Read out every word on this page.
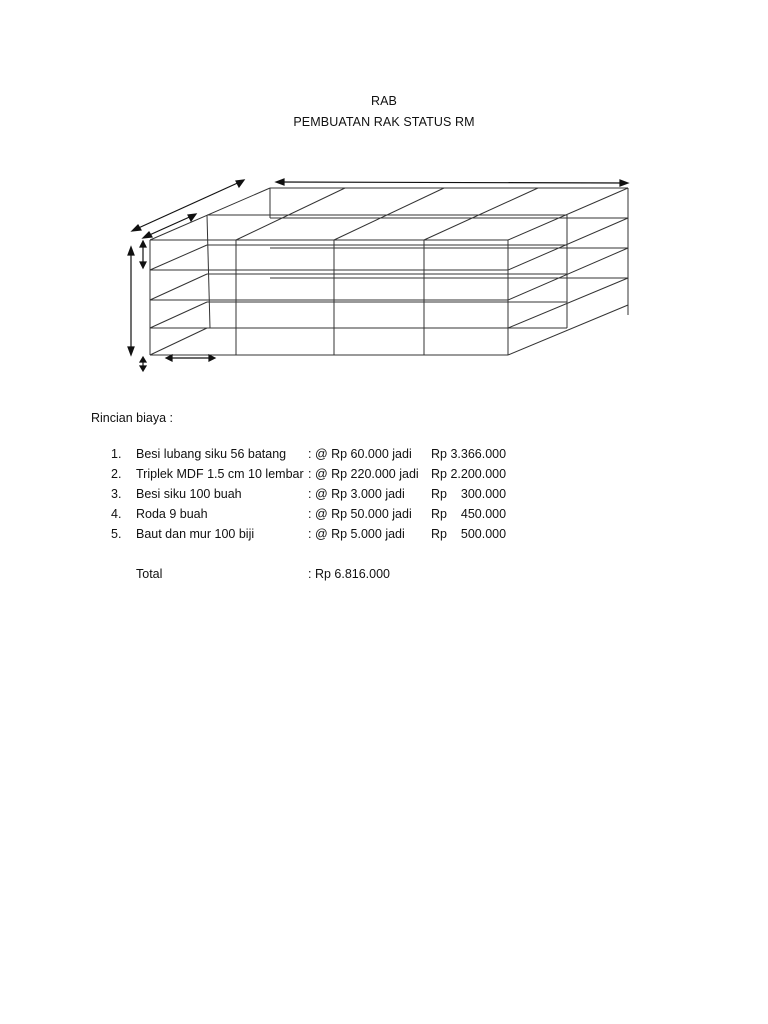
RAB
PEMBUATAN RAK STATUS RM
Rincian biaya :
1. Besi lubang siku 56 batang : @ Rp 60.000 jadi Rp 3.366.000
2. Triplek MDF 1.5 cm 10 lembar : @ Rp 220.000 jadi Rp 2.200.000
3. Besi siku 100 buah	: @ Rp 3.000 jadi Rp    300.000
4. Roda 9 buah	: @ Rp 50.000 jadi Rp    450.000
5. Baut dan mur 100 biji	: @ Rp 5.000 jadi Rp    500.000
Total	: Rp 6.816.000
